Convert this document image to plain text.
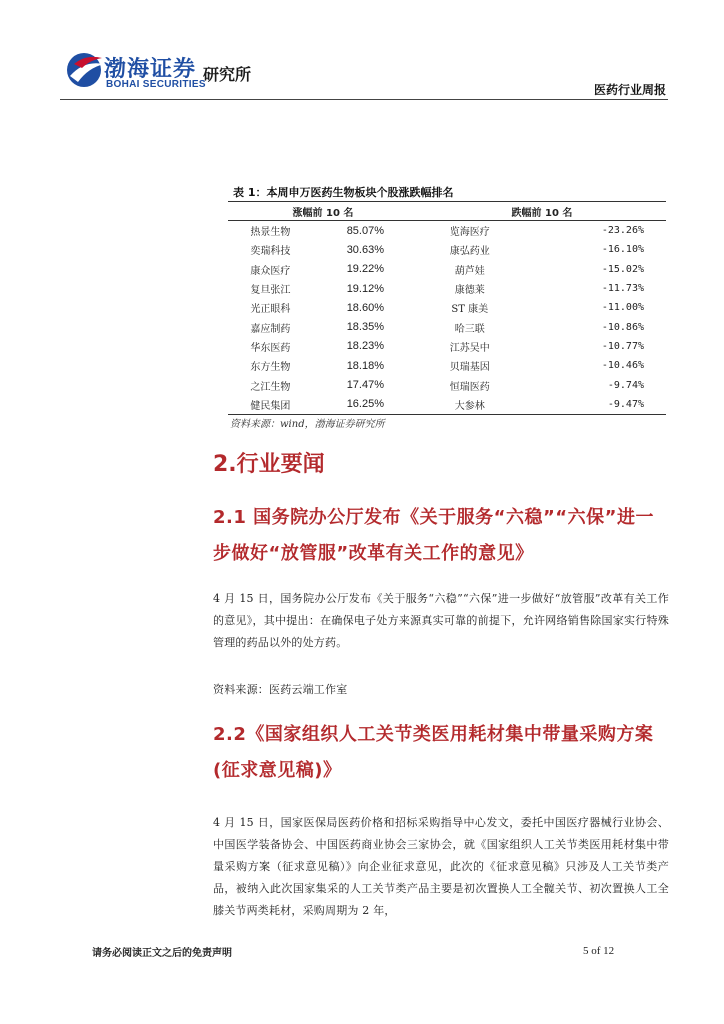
渤海证券
BOHAI SECURITIES
研究所
医药行业周报
表 1：本周申万医药生物板块个股涨跌幅排名
涨幅前 10 名		跌幅前 10 名	
热景生物	85.07%	览海医疗	-23.26%
奕瑞科技	30.63%	康弘药业	-16.10%
康众医疗	19.22%	葫芦娃	-15.02%
复旦张江	19.12%	康德莱	-11.73%
光正眼科	18.60%	ST 康美	-11.00%
嘉应制药	18.35%	哈三联	-10.86%
华东医药	18.23%	江苏吴中	-10.77%
东方生物	18.18%	贝瑞基因	-10.46%
之江生物	17.47%	恒瑞医药	-9.74%
健民集团	16.25%	大参林	-9.47%
资料来源：wind，渤海证券研究所
2.行业要闻
2.1 国务院办公厅发布《关于服务“六稳”“六保”进一步做好“放管服”改革有关工作的意见》
4 月 15 日，国务院办公厅发布《关于服务“六稳”“六保”进一步做好“放管服”改革有关工作的意见》，其中提出：在确保电子处方来源真实可靠的前提下，允许网络销售除国家实行特殊管理的药品以外的处方药。
资料来源：医药云端工作室
2.2《国家组织人工关节类医用耗材集中带量采购方案(征求意见稿)》
4 月 15 日，国家医保局医药价格和招标采购指导中心发文，委托中国医疗器械行业协会、中国医学装备协会、中国医药商业协会三家协会，就《国家组织人工关节类医用耗材集中带量采购方案（征求意见稿）》向企业征求意见，此次的《征求意见稿》只涉及人工关节类产品，被纳入此次国家集采的人工关节类产品主要是初次置换人工全髋关节、初次置换人工全膝关节两类耗材，采购周期为 2 年，
请务必阅读正文之后的免责声明	5 of 12
